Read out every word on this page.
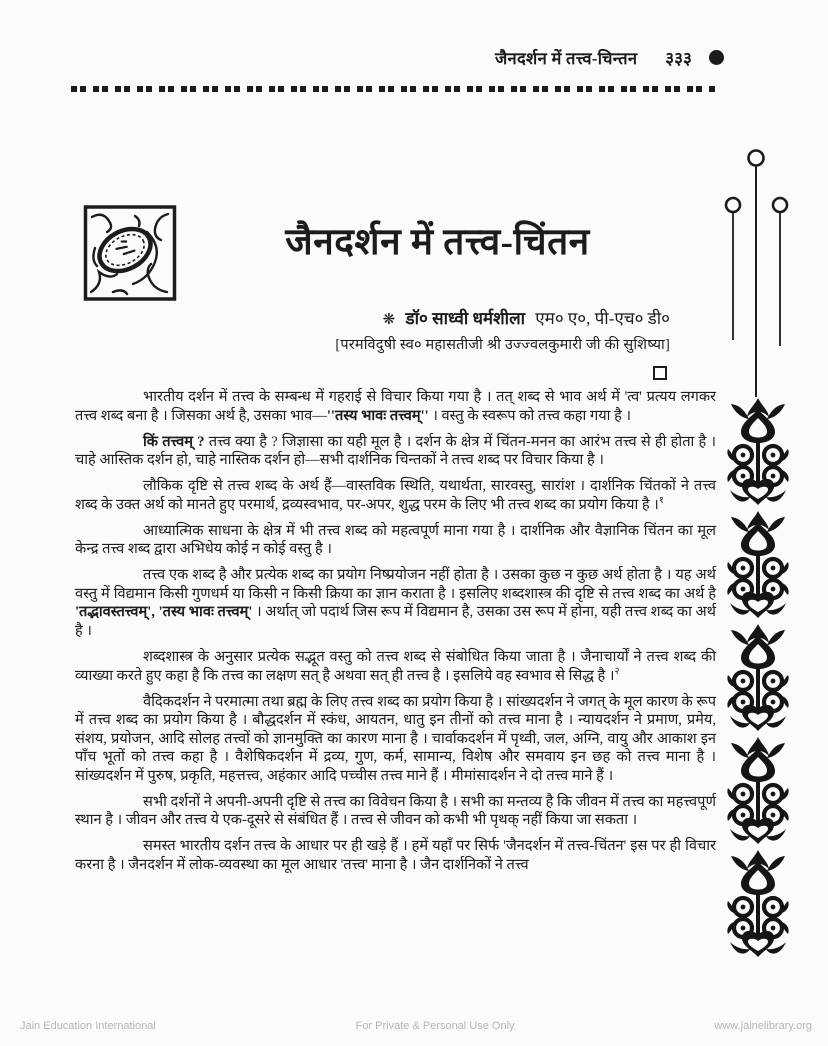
जैनदर्शन में तत्त्व-चिन्तन ३३३
जैनदर्शन में तत्त्व-चिंतन
❋ डॉ० साध्वी धर्मशीला एम० ए०, पी-एच० डी०
[परमविदुषी स्व० महासतीजी श्री उज्ज्वलकुमारी जी की सुशिष्या]

भारतीय दर्शन में तत्त्व के सम्बन्ध में गहराई से विचार किया गया है । तत् शब्द से भाव अर्थ में 'त्व' प्रत्यय लगकर तत्त्व शब्द बना है । जिसका अर्थ है, उसका भाव—''तस्य भावः तत्त्वम्'' । वस्तु के स्वरूप को तत्त्व कहा गया है ।

किं तत्त्वम् ? तत्त्व क्या है ? जिज्ञासा का यही मूल है । दर्शन के क्षेत्र में चिंतन-मनन का आरंभ तत्त्व से ही होता है । चाहे आस्तिक दर्शन हो, चाहे नास्तिक दर्शन हो—सभी दार्शनिक चिन्तकों ने तत्त्व शब्द पर विचार किया है ।

लौकिक दृष्टि से तत्त्व शब्द के अर्थ हैं—वास्तविक स्थिति, यथार्थता, सारवस्तु, सारांश । दार्शनिक चिंतकों ने तत्त्व शब्द के उक्त अर्थ को मानते हुए परमार्थ, द्रव्यस्वभाव, पर-अपर, शुद्ध परम के लिए भी तत्त्व शब्द का प्रयोग किया है ।$^१$

आध्यात्मिक साधना के क्षेत्र में भी तत्त्व शब्द को महत्वपूर्ण माना गया है । दार्शनिक और वैज्ञानिक चिंतन का मूल केन्द्र तत्त्व शब्द द्वारा अभिधेय कोई न कोई वस्तु है ।

तत्त्व एक शब्द है और प्रत्येक शब्द का प्रयोग निष्प्रयोजन नहीं होता है । उसका कुछ न कुछ अर्थ होता है । यह अर्थ वस्तु में विद्यमान किसी गुणधर्म या किसी न किसी क्रिया का ज्ञान कराता है । इसलिए शब्दशास्त्र की दृष्टि से तत्त्व शब्द का अर्थ है 'तद्भावस्तत्त्वम्', 'तस्य भावः तत्त्वम्' । अर्थात् जो पदार्थ जिस रूप में विद्यमान है, उसका उस रूप में होना, यही तत्त्व शब्द का अर्थ है ।

शब्दशास्त्र के अनुसार प्रत्येक सद्भूत वस्तु को तत्त्व शब्द से संबोधित किया जाता है । जैनाचार्यों ने तत्त्व शब्द की व्याख्या करते हुए कहा है कि तत्त्व का लक्षण सत् है अथवा सत् ही तत्त्व है । इसलिये वह स्वभाव से सिद्ध है ।$^२$

वैदिकदर्शन ने परमात्मा तथा ब्रह्म के लिए तत्त्व शब्द का प्रयोग किया है । सांख्यदर्शन ने जगत् के मूल कारण के रूप में तत्त्व शब्द का प्रयोग किया है । बौद्धदर्शन में स्कंध, आयतन, धातु इन तीनों को तत्त्व माना है । न्यायदर्शन ने प्रमाण, प्रमेय, संशय, प्रयोजन, आदि सोलह तत्त्वों को ज्ञानमुक्ति का कारण माना है । चार्वाकदर्शन में पृथ्वी, जल, अग्नि, वायु और आकाश इन पाँच भूतों को तत्त्व कहा है । वैशेषिकदर्शन में द्रव्य, गुण, कर्म, सामान्य, विशेष और समवाय इन छह को तत्त्व माना है । सांख्यदर्शन में पुरुष, प्रकृति, महत्तत्त्व, अहंकार आदि पच्चीस तत्त्व माने हैं । मीमांसादर्शन ने दो तत्त्व माने हैं ।

सभी दर्शनों ने अपनी-अपनी दृष्टि से तत्त्व का विवेचन किया है । सभी का मन्तव्य है कि जीवन में तत्त्व का महत्त्वपूर्ण स्थान है । जीवन और तत्त्व ये एक-दूसरे से संबंधित हैं । तत्त्व से जीवन को कभी भी पृथक् नहीं किया जा सकता ।

समस्त भारतीय दर्शन तत्त्व के आधार पर ही खड़े हैं । हमें यहाँ पर सिर्फ 'जैनदर्शन में तत्त्व-चिंतन' इस पर ही विचार करना है । जैनदर्शन में लोक-व्यवस्था का मूल आधार 'तत्त्व' माना है । जैन दार्शनिकों ने तत्त्व

Jain Education International	For Private & Personal Use Only	www.jainelibrary.org
